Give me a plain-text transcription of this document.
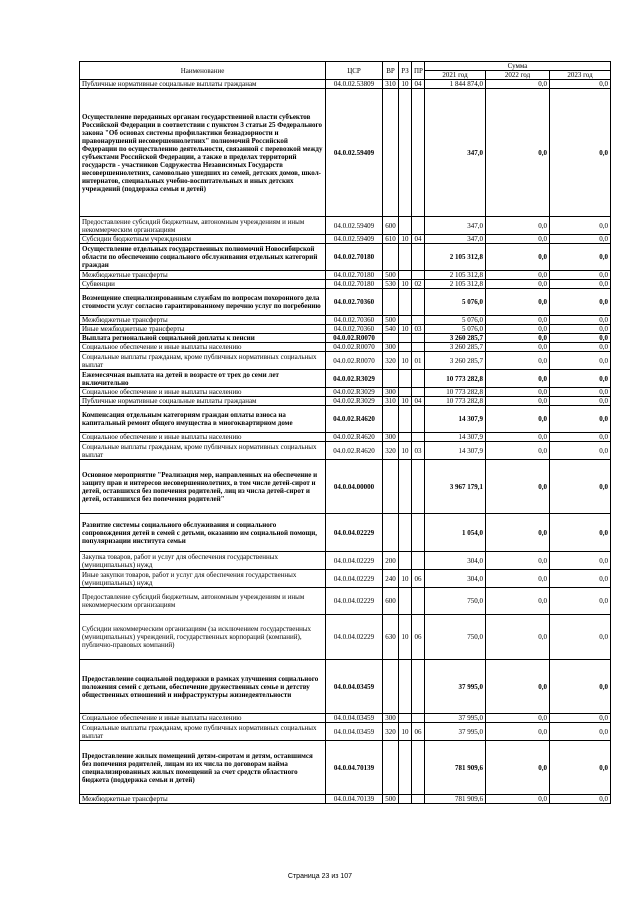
Наименование	ЦСР	ВР	РЗ	ПР	Сумма		
					2021 год	2022 год	2023 год
Публичные нормативные социальные выплаты гражданам	04.0.02.53809	310	10	04	1 844 874,0	0,0	0,0
Осуществление переданных органам государственной власти субъектов Российской Федерации в соответствии с пунктом 3 статьи 25 Федерального закона "Об основах системы профилактики безнадзорности и правонарушений несовершеннолетних" полномочий Российской Федерации по осуществлению деятельности, связанной с перевозкой между субъектами Российской Федерации, а также в пределах территорий государств - участников Содружества Независимых Государств несовершеннолетних, самовольно ушедших из семей, детских домов, школ-интернатов, специальных учебно-воспитательных и иных детских учреждений (поддержка семьи и детей)	04.0.02.59409				347,0	0,0	0,0
Предоставление субсидий бюджетным, автономным учреждениям и иным некоммерческим организациям	04.0.02.59409	600			347,0	0,0	0,0
Субсидии бюджетным учреждениям	04.0.02.59409	610	10	04	347,0	0,0	0,0
Осуществление отдельных государственных полномочий Новосибирской области по обеспечению социального обслуживания отдельных категорий граждан	04.0.02.70180				2 105 312,8	0,0	0,0
Межбюджетные трансферты	04.0.02.70180	500			2 105 312,8	0,0	0,0
Субвенции	04.0.02.70180	530	10	02	2 105 312,8	0,0	0,0
Возмещение специализированным службам по вопросам похоронного дела стоимости услуг согласно гарантированному перечню услуг по погребению	04.0.02.70360				5 076,0	0,0	0,0
Межбюджетные трансферты	04.0.02.70360	500			5 076,0	0,0	0,0
Иные межбюджетные трансферты	04.0.02.70360	540	10	03	5 076,0	0,0	0,0
Выплата региональной социальной доплаты к пенсии	04.0.02.R0070				3 260 285,7	0,0	0,0
Социальное обеспечение и иные выплаты населению	04.0.02.R0070	300			3 260 285,7	0,0	0,0
Социальные выплаты гражданам, кроме публичных нормативных социальных выплат	04.0.02.R0070	320	10	01	3 260 285,7	0,0	0,0
Ежемесячная выплата на детей в возрасте от трех до семи лет включительно	04.0.02.R3029				10 773 282,8	0,0	0,0
Социальное обеспечение и иные выплаты населению	04.0.02.R3029	300			10 773 282,8	0,0	0,0
Публичные нормативные социальные выплаты гражданам	04.0.02.R3029	310	10	04	10 773 282,8	0,0	0,0
Компенсация отдельным категориям граждан оплаты взноса на капитальный ремонт общего имущества в многоквартирном доме	04.0.02.R4620				14 307,9	0,0	0,0
Социальное обеспечение и иные выплаты населению	04.0.02.R4620	300			14 307,9	0,0	0,0
Социальные выплаты гражданам, кроме публичных нормативных социальных выплат	04.0.02.R4620	320	10	03	14 307,9	0,0	0,0
Основное мероприятие "Реализация мер, направленных на обеспечение и защиту прав и интересов несовершеннолетних, в том числе детей-сирот и детей, оставшихся без попечения родителей, лиц из числа детей-сирот и детей, оставшихся без попечения родителей"	04.0.04.00000				3 967 179,1	0,0	0,0
Развитие системы социального обслуживания и социального сопровождения детей в семей с детьми, оказанию им социальной помощи, популяризации института семьи	04.0.04.02229				1 054,0	0,0	0,0
Закупка товаров, работ и услуг для обеспечения государственных (муниципальных) нужд	04.0.04.02229	200			304,0	0,0	0,0
Иные закупки товаров, работ и услуг для обеспечения государственных (муниципальных) нужд	04.0.04.02229	240	10	06	304,0	0,0	0,0
Предоставление субсидий бюджетным, автономным учреждениям и иным некоммерческим организациям	04.0.04.02229	600			750,0	0,0	0,0
Субсидии некоммерческим организациям (за исключением государственных (муниципальных) учреждений, государственных корпораций (компаний), публично-правовых компаний)	04.0.04.02229	630	10	06	750,0	0,0	0,0
Предоставление социальной поддержки в рамках улучшения социального положения семей с детьми, обеспечение дружественных семье и детству общественных отношений и инфраструктуры жизнедеятельности	04.0.04.03459				37 995,0	0,0	0,0
Социальное обеспечение и иные выплаты населению	04.0.04.03459	300			37 995,0	0,0	0,0
Социальные выплаты гражданам, кроме публичных нормативных социальных выплат	04.0.04.03459	320	10	06	37 995,0	0,0	0,0
Предоставление жилых помещений детям-сиротам и детям, оставшимся без попечения родителей, лицам из их числа по договорам найма специализированных жилых помещений за счет средств областного бюджета (поддержка семьи и детей)	04.0.04.70139				781 909,6	0,0	0,0
Межбюджетные трансферты	04.0.04.70139	500			781 909,6	0,0	0,0
Страница 23 из 107
